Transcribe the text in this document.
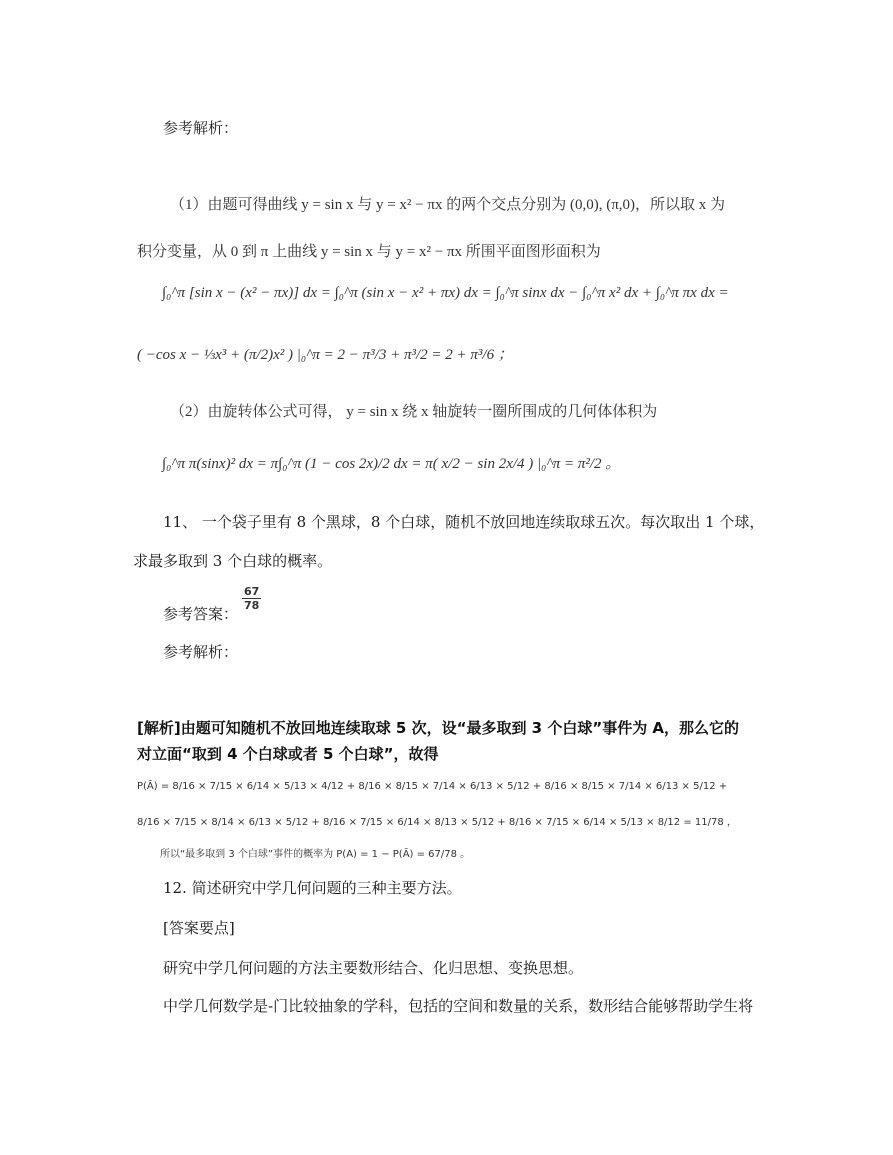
参考解析：
（1）由题可得曲线 y = sin x 与 y = x² − πx 的两个交点分别为 (0,0), (π,0)，所以取 x 为
积分变量，从 0 到 π 上曲线 y = sin x 与 y = x² − πx 所围平面图形面积为
∫₀^π [sin x − (x² − πx)] dx = ∫₀^π (sin x − x² + πx) dx = ∫₀^π sinx dx − ∫₀^π x² dx + ∫₀^π πx dx =
( −cos x − ⅓x³ + (π/2)x² ) |₀^π = 2 − π³/3 + π³/2 = 2 + π³/6 ；
（2）由旋转体公式可得， y = sin x 绕 x 轴旋转一圈所围成的几何体体积为
∫₀^π π(sinx)² dx = π∫₀^π (1 − cos 2x)/2 dx = π( x/2 − sin 2x/4 ) |₀^π = π²/2 。
11、 一个袋子里有 8 个黑球，8 个白球，随机不放回地连续取球五次。每次取出 1 个球，
求最多取到 3 个白球的概率。
参考答案：
$\frac{67}{78}$
参考解析：
[解析]由题可知随机不放回地连续取球 5 次，设“最多取到 3 个白球”事件为 A，那么它的
对立面“取到 4 个白球或者 5 个白球”，故得
P(Ā) = 8/16 × 7/15 × 6/14 × 5/13 × 4/12 + 8/16 × 8/15 × 7/14 × 6/13 × 5/12 + 8/16 × 8/15 × 7/14 × 6/13 × 5/12 +
8/16 × 7/15 × 8/14 × 6/13 × 5/12 + 8/16 × 7/15 × 6/14 × 8/13 × 5/12 + 8/16 × 7/15 × 6/14 × 5/13 × 8/12 = 11/78 ，
所以“最多取到 3 个白球”事件的概率为 P(A) = 1 − P(Ā) = 67/78 。
12. 简述研究中学几何问题的三种主要方法。
[答案要点]
研究中学几何问题的方法主要数形结合、化归思想、变换思想。
中学几何数学是-门比较抽象的学科，包括的空间和数量的关系，数形结合能够帮助学生将
